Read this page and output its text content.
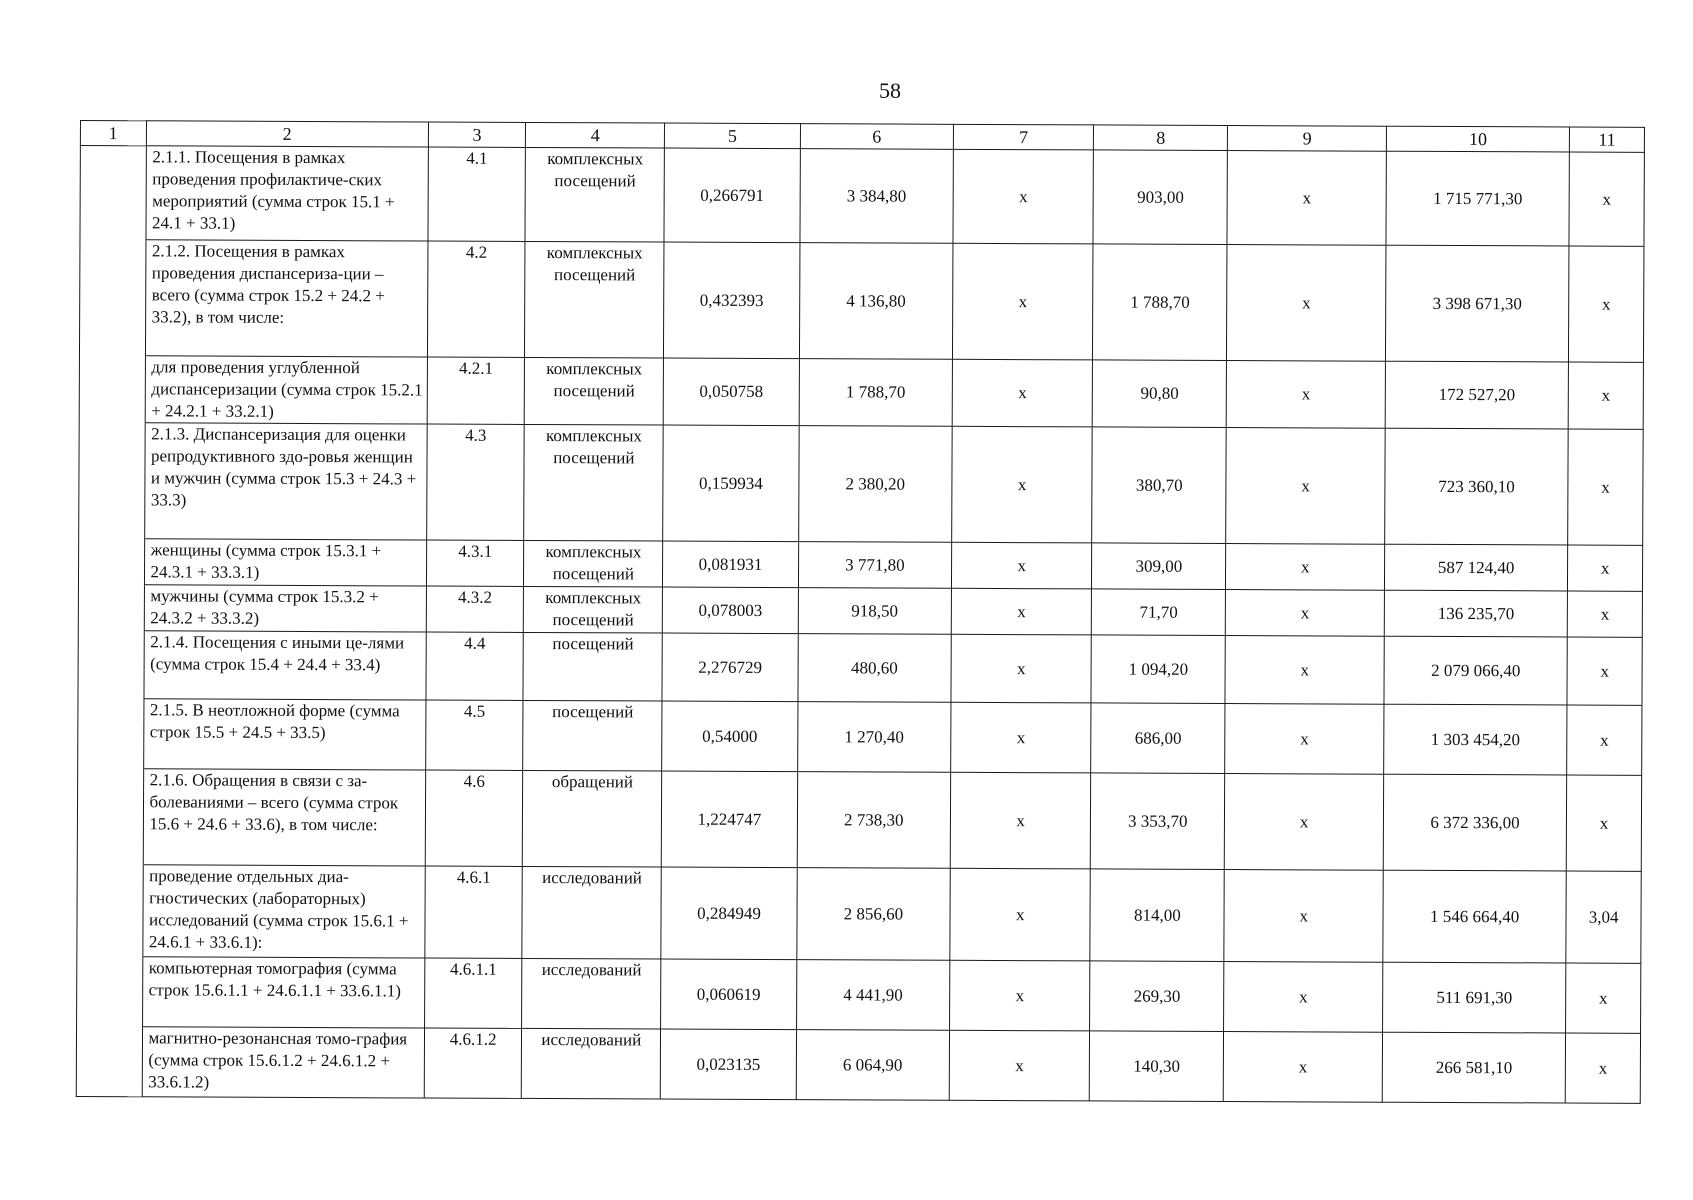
58
1	2	3	4	5	6	7	8	9	10	11
	2.1.1. Посещения в рамках проведения профилактиче-ских мероприятий (сумма строк 15.1 + 24.1 + 33.1)	4.1	комплексных посещений	0,266791	3 384,80	х	903,00	х	1 715 771,30	х
	2.1.2. Посещения в рамках проведения диспансериза-ции – всего (сумма строк 15.2 + 24.2 + 33.2), в том числе:	4.2	комплексных посещений	0,432393	4 136,80	х	1 788,70	х	3 398 671,30	х
	для проведения углубленной диспансеризации (сумма строк 15.2.1 + 24.2.1 + 33.2.1)	4.2.1	комплексных посещений	0,050758	1 788,70	х	90,80	х	172 527,20	х
	2.1.3. Диспансеризация для оценки репродуктивного здо-ровья женщин и мужчин (сумма строк 15.3 + 24.3 + 33.3)	4.3	комплексных посещений	0,159934	2 380,20	х	380,70	х	723 360,10	х
	женщины (сумма строк 15.3.1 + 24.3.1 + 33.3.1)	4.3.1	комплексных посещений	0,081931	3 771,80	х	309,00	х	587 124,40	х
	мужчины (сумма строк 15.3.2 + 24.3.2 + 33.3.2)	4.3.2	комплексных посещений	0,078003	918,50	х	71,70	х	136 235,70	х
	2.1.4. Посещения с иными це-лями (сумма строк 15.4 + 24.4 + 33.4)	4.4	посещений	2,276729	480,60	х	1 094,20	х	2 079 066,40	х
	2.1.5. В неотложной форме (сумма строк 15.5 + 24.5 + 33.5)	4.5	посещений	0,54000	1 270,40	х	686,00	х	1 303 454,20	х
	2.1.6. Обращения в связи с за-болеваниями – всего (сумма строк 15.6 + 24.6 + 33.6), в том числе:	4.6	обращений	1,224747	2 738,30	х	3 353,70	х	6 372 336,00	х
	проведение отдельных диа-гностических (лабораторных) исследований (сумма строк 15.6.1 + 24.6.1 + 33.6.1):	4.6.1	исследований	0,284949	2 856,60	х	814,00	х	1 546 664,40	3,04
	компьютерная томография (сумма строк 15.6.1.1 + 24.6.1.1 + 33.6.1.1)	4.6.1.1	исследований	0,060619	4 441,90	х	269,30	х	511 691,30	х
	магнитно-резонансная томо-графия (сумма строк 15.6.1.2 + 24.6.1.2 + 33.6.1.2)	4.6.1.2	исследований	0,023135	6 064,90	х	140,30	х	266 581,10	х
